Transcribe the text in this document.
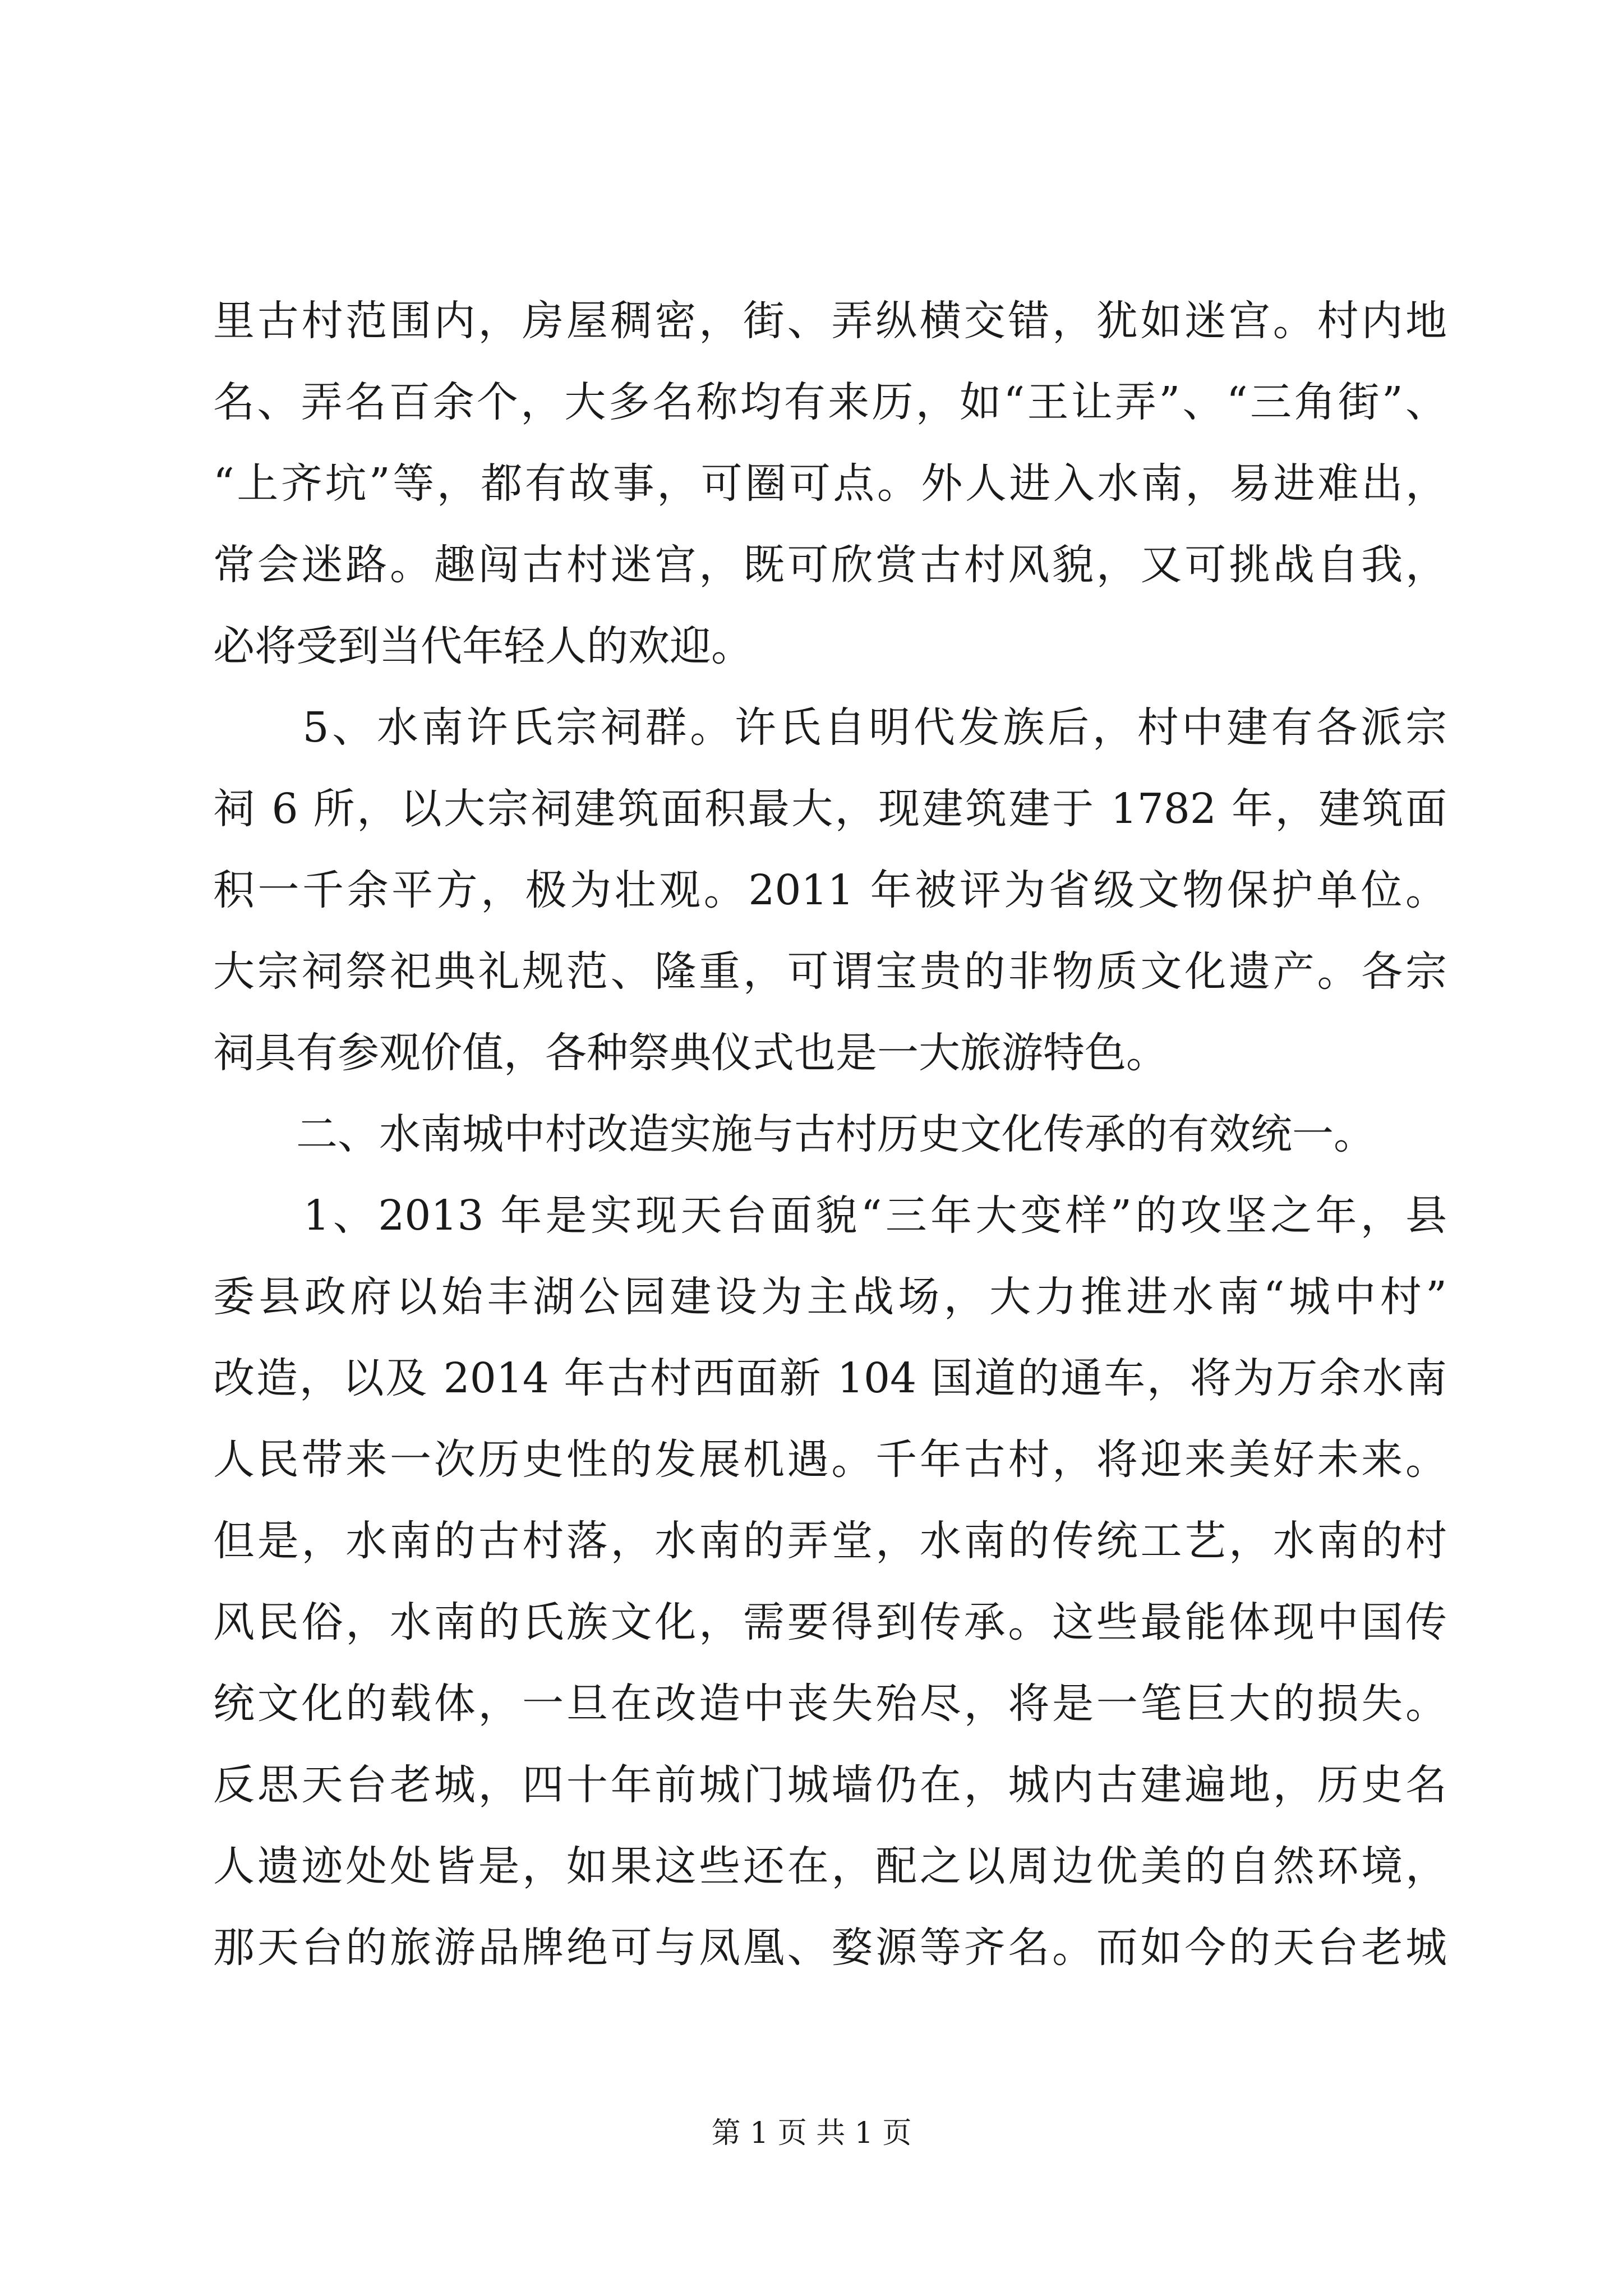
里古村范围内，房屋稠密，街、弄纵横交错，犹如迷宫。村内地
名、弄名百余个，大多名称均有来历，如“王让弄”、“三角街”、
“上齐坑”等，都有故事，可圈可点。外人进入水南，易进难出，
常会迷路。趣闯古村迷宫，既可欣赏古村风貌，又可挑战自我，
必将受到当代年轻人的欢迎。
　　5、水南许氏宗祠群。许氏自明代发族后，村中建有各派宗
祠 6 所，以大宗祠建筑面积最大，现建筑建于 1782 年，建筑面
积一千余平方，极为壮观。2011 年被评为省级文物保护单位。
大宗祠祭祀典礼规范、隆重，可谓宝贵的非物质文化遗产。各宗
祠具有参观价值，各种祭典仪式也是一大旅游特色。
　　二、水南城中村改造实施与古村历史文化传承的有效统一。
　　1、2013 年是实现天台面貌“三年大变样”的攻坚之年，县
委县政府以始丰湖公园建设为主战场，大力推进水南“城中村”
改造，以及 2014 年古村西面新 104 国道的通车，将为万余水南
人民带来一次历史性的发展机遇。千年古村，将迎来美好未来。
但是，水南的古村落，水南的弄堂，水南的传统工艺，水南的村
风民俗，水南的氏族文化，需要得到传承。这些最能体现中国传
统文化的载体，一旦在改造中丧失殆尽，将是一笔巨大的损失。
反思天台老城，四十年前城门城墙仍在，城内古建遍地，历史名
人遗迹处处皆是，如果这些还在，配之以周边优美的自然环境，
那天台的旅游品牌绝可与凤凰、婺源等齐名。而如今的天台老城
第 1 页 共 1 页
